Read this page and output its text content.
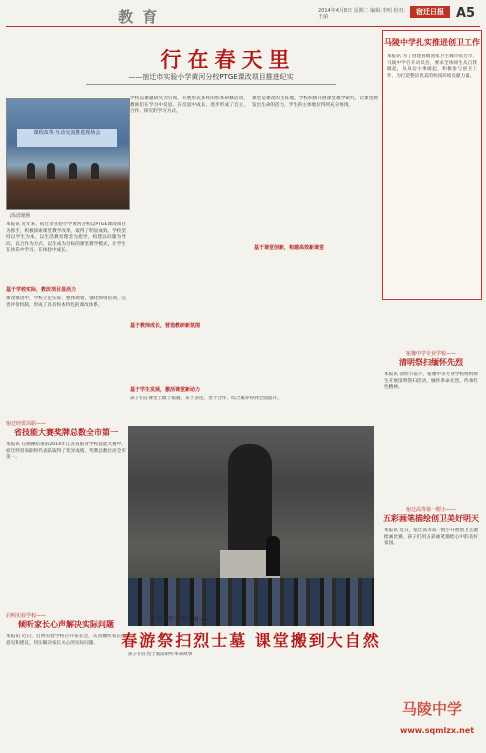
教 育	2014年4月8日 星期二 编辑:李明 校对:王丽
宿迁日报 A5
行在春天里
——宿迁市实验小学黄河分校PTGE课改项目推进纪实
课程改革·互动交流推进现场会
活动现场
本报讯 近年来，宿迁市实验小学黄河分校以PTGE课改项目为抓手，积极探索课堂教学改革，取得了明显成效。学校坚持以学生为本，以生活教育理念为指导，构建以问题为导向、以合作为方式、以生成为目标的课堂教学模式，让学生在快乐中学习、在体验中成长。
基于学校实际，教改项目显活力
课改推进中，学校立足实际，整体规划，强化师资培训，完善评价机制，形成了具有校本特色的课改体系。
学校以课题研究为引领，开展形式多样的校本研修活动，教师们在学习中反思，在反思中成长，逐步形成了自主、合作、探究的学习方式。
基于教师成长，营造教研新氛围
课堂是课改的主阵地。学校积极开展课堂教学研究，让课堂焕发出生命的活力，学生的主体地位得到充分体现。
基于课堂创新，构建高效新课堂
基于学生发展，激活课堂新动力
孩子们在课堂上敢于质疑、乐于表达、善于合作，综合素养得到全面提升。
马陵中学扎实推进创卫工作
本报讯 为了创建省级国家卫生城市宿迁市，马陵中学召开动员会，要求全体师生从自我做起，从身边小事做起，积极参与创卫工作，为打造整洁优美的校园环境贡献力量。
宿豫中学专业学校——
清明祭扫缅怀先烈
本报讯 清明节前夕，宿豫中等专业学校组织师生开展清明祭扫活动，缅怀革命先烈，传承红色精神。
宿迁高等第一附小——
五彩画笔描绘创卫美好明天
本报讯 近日，宿迁高等第一附小开展创卫主题绘画比赛，孩子们用五彩画笔描绘心中的美好家园。
宿迁经贸高职——
省技能大赛奖牌总数全市第一
本报讯 在刚刚结束的2014年江苏省职业学校技能大赛中，宿迁经贸高职校代表队取得了优异成绩，奖牌总数位居全市第一。
启明实验学校——
倾听家长心声解决实际问题
本报讯 近日，启明实验学校召开家长会，认真倾听家长的意见和建议，切实解决家长关心的实际问题。
市第一实小幼儿园——
春游祭扫烈士墓 课堂搬到大自然
孩子们在烈士墓前聆听革命故事
马陵中学
www.sqmlzx.net
